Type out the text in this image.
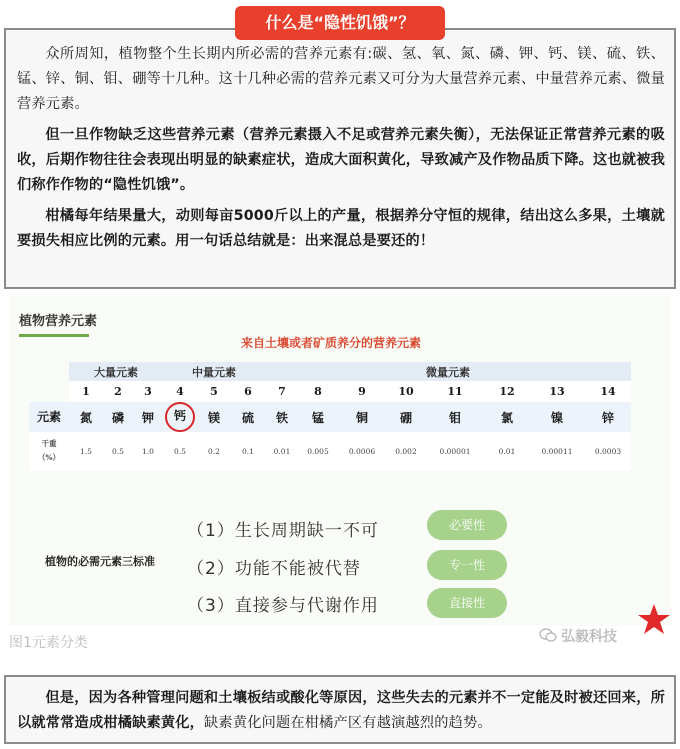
众所周知，植物整个生长期内所必需的营养元素有:碳、氢、氧、氮、磷、钾、钙、镁、硫、铁、锰、锌、铜、钼、硼等十几种。这十几种必需的营养元素又可分为大量营养元素、中量营养元素、微量营养元素。

但一旦作物缺乏这些营养元素（营养元素摄入不足或营养元素失衡），无法保证正常营养元素的吸收，后期作物往往会表现出明显的缺素症状，造成大面积黄化，导致减产及作物品质下降。这也就被我们称作作物的“隐性饥饿”。

柑橘每年结果量大，动则每亩5000斤以上的产量，根据养分守恒的规律，结出这么多果，土壤就要损失相应比例的元素。用一句话总结就是：出来混总是要还的！

什么是“隐性饥饿”？
植物营养元素
来自土壤或者矿质养分的营养元素
	大量元素			中量元素			微量元素							
	1	2	3	4	5	6	7	8	9	10	11	12	13	14
元素	氮	磷	钾	钙	镁	硫	铁	锰	铜	硼	钼	氯	镍	锌
干重
（%）	1.5	0.5	1.0	0.5	0.2	0.1	0.01	0.005	0.0006	0.002	0.00001	0.01	0.00011	0.0003
植物的必需元素三标准
（1）生长周期缺一不可
（2）功能不能被代替
（3）直接参与代谢作用
必要性
专一性
直接性
弘毅科技
图1元素分类

但是，因为各种管理问题和土壤板结或酸化等原因，这些失去的元素并不一定能及时被还回来，所以就常常造成柑橘缺素黄化，缺素黄化问题在柑橘产区有越演越烈的趋势。
